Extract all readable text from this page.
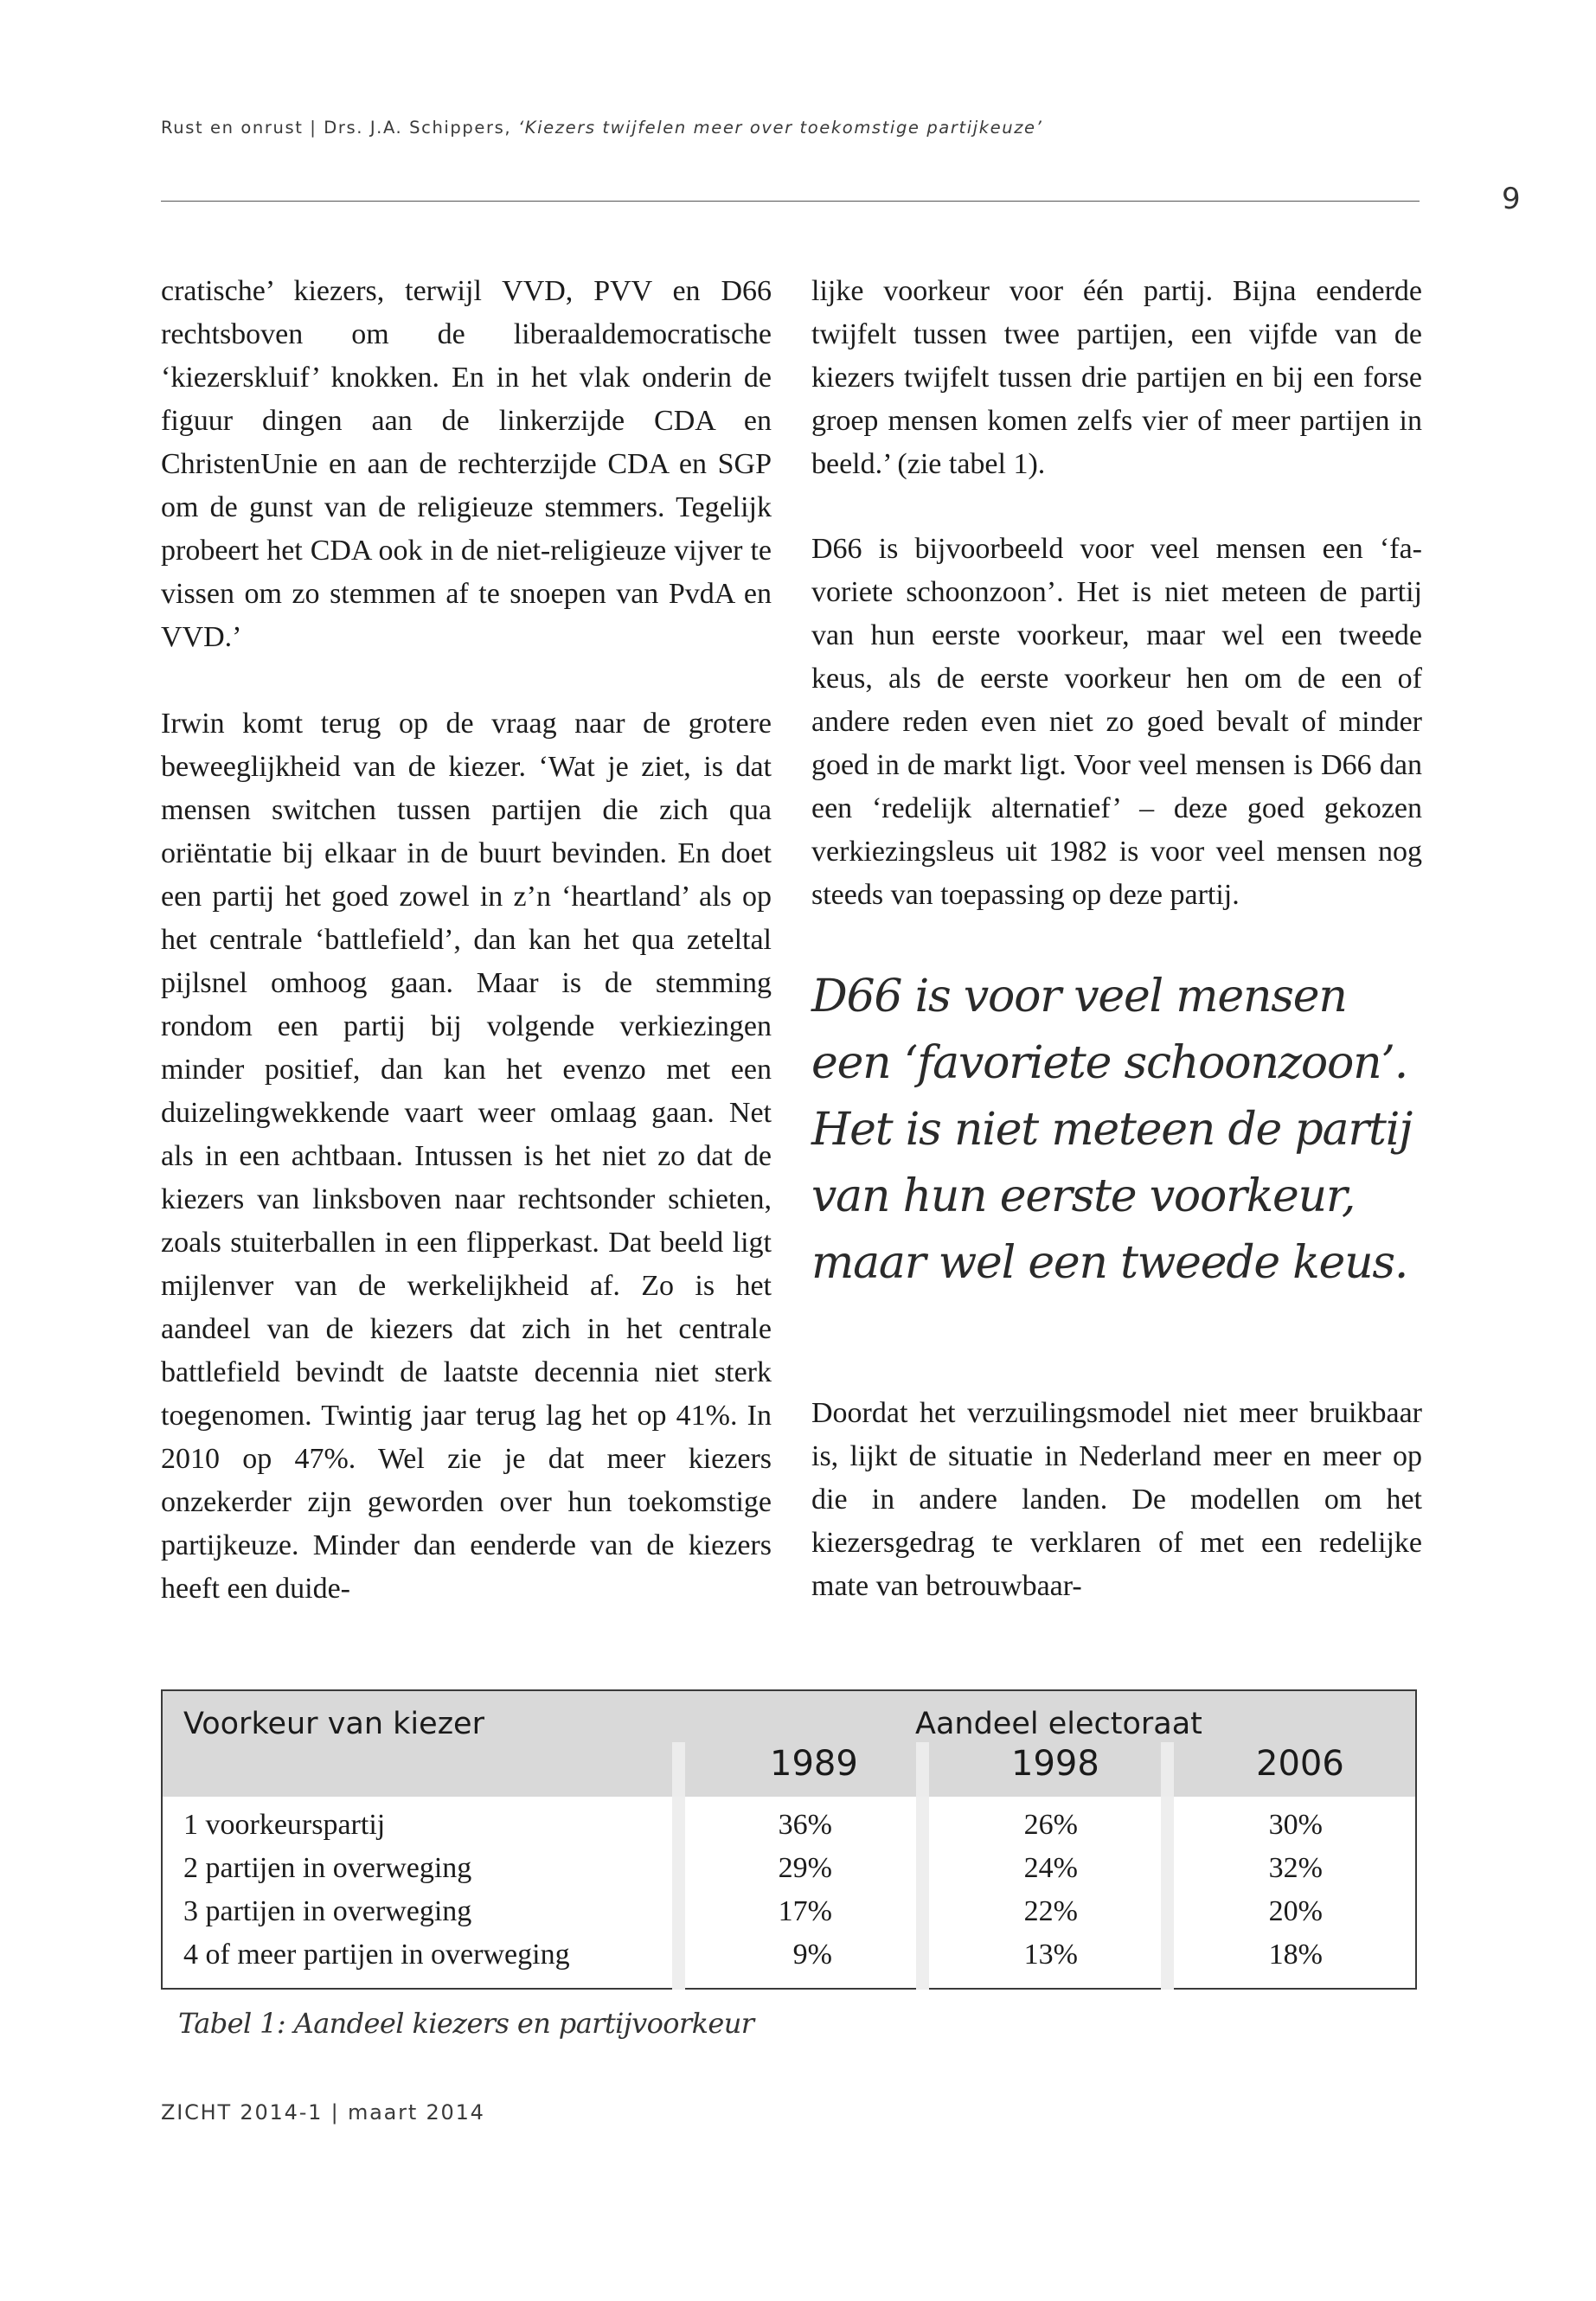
Rust en onrust | Drs. J.A. Schippers, ‘Kiezers twijfelen meer over toekomstige partijkeuze’
9

cratische’ kiezers, terwijl VVD, PVV en D66 rechtsboven om de liberaaldemocratische ‘kiezerskluif’ knokken. En in het vlak onderin de figuur dingen aan de linkerzijde CDA en ChristenUnie en aan de rechterzijde CDA en SGP om de gunst van de religieuze stemmers. Tegelijk probeert het CDA ook in de niet-religieuze vijver te vissen om zo stemmen af te snoepen van PvdA en VVD.’

Irwin komt terug op de vraag naar de grotere beweeglijkheid van de kiezer. ‘Wat je ziet, is dat mensen switchen tussen partijen die zich qua oriëntatie bij elkaar in de buurt bevinden. En doet een partij het goed zowel in z’n ‘heartland’ als op het centrale ‘battlefield’, dan kan het qua zeteltal pijlsnel omhoog gaan. Maar is de stemming rondom een partij bij volgende verkiezingen minder positief, dan kan het evenzo met een duizelingwekkende vaart weer omlaag gaan. Net als in een achtbaan. Intussen is het niet zo dat de kiezers van linksboven naar rechtsonder schieten, zoals stuiterballen in een flipperkast. Dat beeld ligt mijlenver van de werkelijkheid af. Zo is het aandeel van de kiezers dat zich in het centrale battlefield bevindt de laatste decennia niet sterk toegenomen. Twintig jaar terug lag het op 41%. In 2010 op 47%. Wel zie je dat meer kiezers onzekerder zijn geworden over hun toekomstige partijkeuze. Minder dan eenderde van de kiezers heeft een duide-

lijke voorkeur voor één partij. Bijna eenderde twijfelt tussen twee partijen, een vijfde van de kiezers twijfelt tussen drie partijen en bij een forse groep mensen komen zelfs vier of meer partijen in beeld.’ (zie tabel 1).

D66 is bijvoorbeeld voor veel mensen een ‘favoriete schoonzoon’. Het is niet meteen de partij van hun eerste voorkeur, maar wel een tweede keus, als de eerste voorkeur hen om de een of andere reden even niet zo goed bevalt of minder goed in de markt ligt. Voor veel mensen is D66 dan een ‘redelijk alternatief’ – deze goed gekozen verkiezingsleus uit 1982 is voor veel mensen nog steeds van toepassing op deze partij.

D66 is voor veel mensen een ‘favoriete schoonzoon’. Het is niet meteen de partij van hun eerste voorkeur, maar wel een tweede keus.

Doordat het verzuilingsmodel niet meer bruikbaar is, lijkt de situatie in Nederland meer en meer op die in andere landen. De modellen om het kiezersgedrag te verklaren of met een redelijke mate van betrouwbaar-

Voorkeur van kiezer	Aandeel electoraat
1989	1998	2006
1 voorkeurspartij	36%	26%	30%
2 partijen in overweging	29%	24%	32%
3 partijen in overweging	17%	22%	20%
4 of meer partijen in overweging	9%	13%	18%
Tabel 1: Aandeel kiezers en partijvoorkeur
ZICHT 2014-1 | maart 2014
